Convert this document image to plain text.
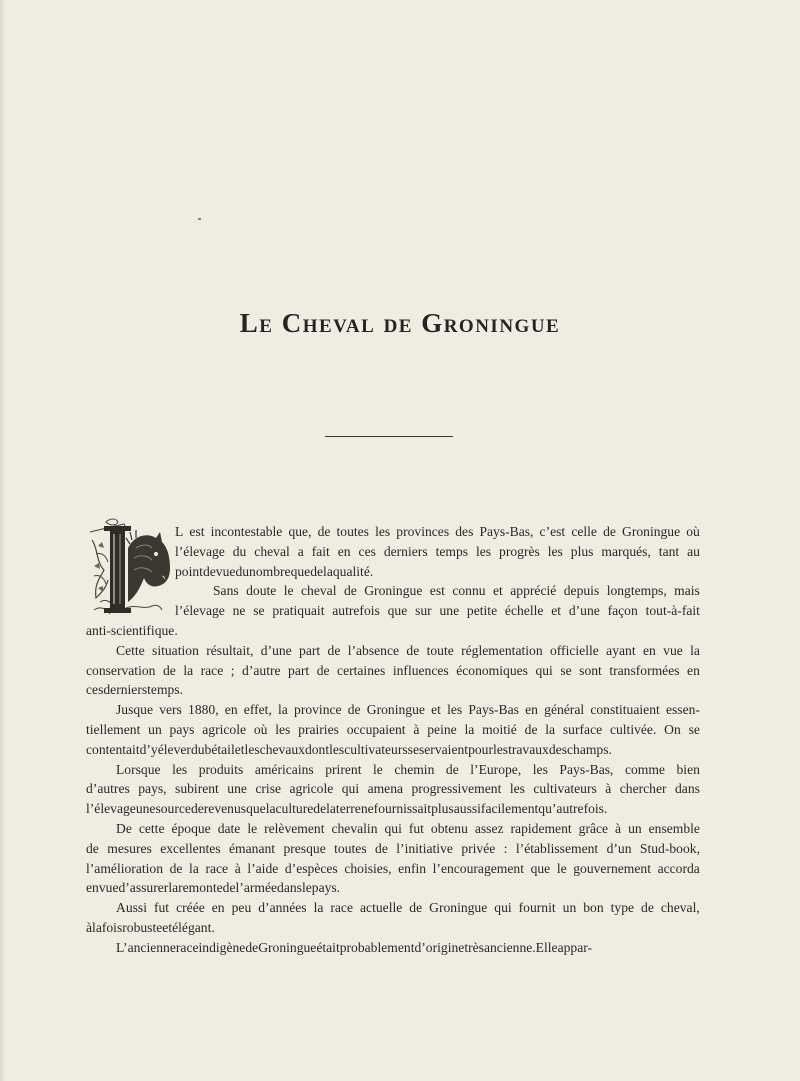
Le Cheval de Groningue
L est incontestable que, de toutes les provinces des Pays-Bas, c’est celle de Groningue où
l’élevage du cheval a fait en ces derniers temps les progrès les plus marqués, tant au
point de vue du nombre que de la qualité.
Sans doute le cheval de Groningue est connu et apprécié depuis longtemps, mais
l’élevage ne se pratiquait autrefois que sur une petite échelle et d’une façon tout-à-fait
anti-scientifique.
Cette situation résultait, d’une part de l’absence de toute réglementation officielle ayant en vue la
conservation de la race ; d’autre part de certaines influences économiques qui se sont transformées en
ces derniers temps.
Jusque vers 1880, en effet, la province de Groningue et les Pays-Bas en général constituaient essen-
tiellement un pays agricole où les prairies occupaient à peine la moitié de la surface cultivée. On se
contentait d’y élever du bétail et les chevaux dont les cultivateurs se servaient pour les travaux des champs.
Lorsque les produits américains prirent le chemin de l’Europe, les Pays-Bas, comme bien
d’autres pays, subirent une crise agricole qui amena progressivement les cultivateurs à chercher dans
l’élevage une source de revenus que la culture de la terre ne fournissait plus aussi facilement qu’autrefois.
De cette époque date le relèvement chevalin qui fut obtenu assez rapidement grâce à un ensemble
de mesures excellentes émanant presque toutes de l’initiative privée : l’établissement d’un Stud-book,
l’amélioration de la race à l’aide d’espèces choisies, enfin l’encouragement que le gouvernement accorda
en vue d’assurer la remonte de l’armée dans le pays.
Aussi fut créée en peu d’années la race actuelle de Groningue qui fournit un bon type de cheval,
à la fois robuste et élégant.
L’ancienne race indigène de Groningue était probablement d’origine très ancienne. Elle appar-
